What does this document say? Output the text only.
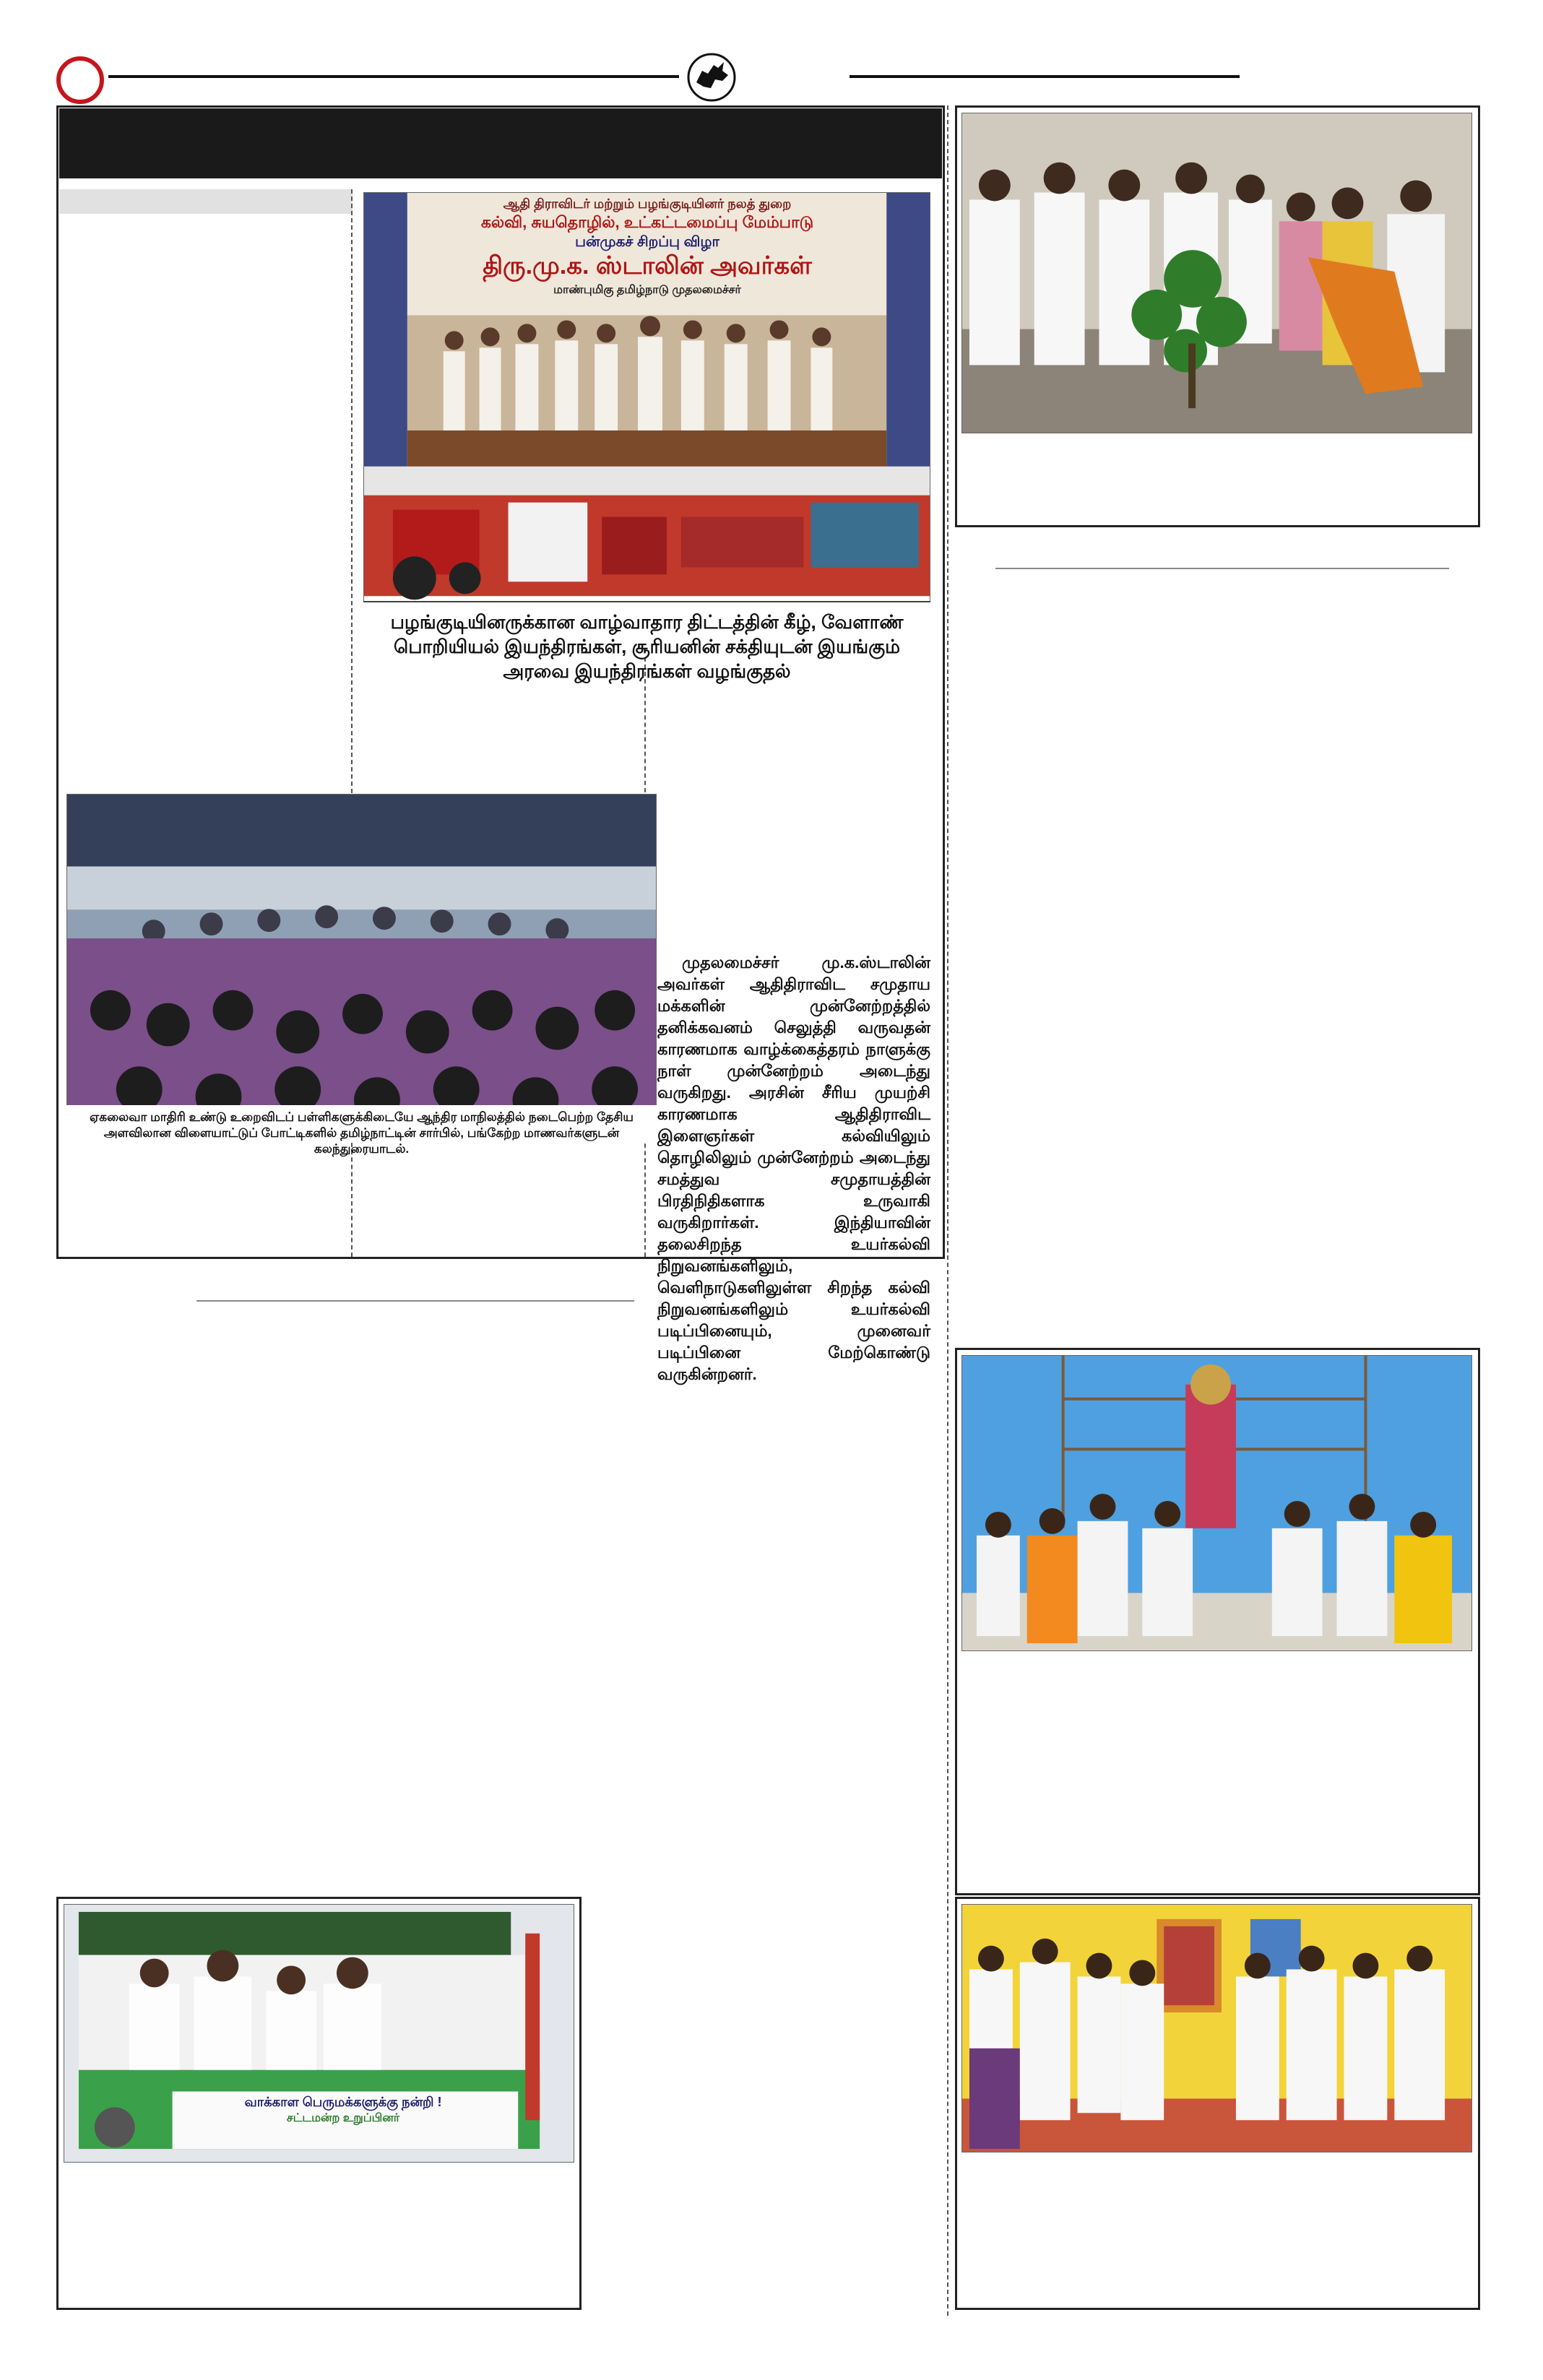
ஆதி திராவிடர் மற்றும் பழங்குடியினர் நலத் துறை
கல்வி, சுயதொழில், உட்கட்டமைப்பு மேம்பாடு
பன்முகச் சிறப்பு விழா
திரு.மு.க. ஸ்டாலின் அவர்கள்
மாண்புமிகு தமிழ்நாடு முதலமைச்சர்
பழங்குடியினருக்கான வாழ்வாதார திட்டத்தின் கீழ், வேளாண் பொறியியல் இயந்திரங்கள், சூரியனின் சக்தியுடன் இயங்கும் அரவை இயந்திரங்கள் வழங்குதல்
ஏகலைவா மாதிரி உண்டு உறைவிடப் பள்ளிகளுக்கிடையே ஆந்திர மாநிலத்தில் நடைபெற்ற தேசிய அளவிலான விளையாட்டுப் போட்டிகளில் தமிழ்நாட்டின் சார்பில், பங்கேற்ற மாணவர்களுடன் கலந்துரையாடல்.
முதலமைச்சர் மு.க.ஸ்டாலின் அவர்கள் ஆதிதிராவிட சமுதாய மக்களின் முன்னேற்றத்தில் தனிக்கவனம் செலுத்தி வருவதன் காரணமாக வாழ்க்கைத்தரம் நாளுக்கு நாள் முன்னேற்றம் அடைந்து வருகிறது. அரசின் சீரிய முயற்சி காரணமாக ஆதிதிராவிட இளைஞர்கள் கல்வியிலும் தொழிலிலும் முன்னேற்றம் அடைந்து சமத்துவ சமுதாயத்தின் பிரதிநிதிகளாக உருவாகி வருகிறார்கள். இந்தியாவின் தலைசிறந்த உயர்கல்வி நிறுவனங்களிலும், வெளிநாடுகளிலுள்ள சிறந்த கல்வி நிறுவனங்களிலும் உயர்கல்வி படிப்பினையும், முனைவர் படிப்பினை மேற்கொண்டு வருகின்றனர்.
வாக்காள பெருமக்களுக்கு நன்றி !
சட்டமன்ற உறுப்பினர்
